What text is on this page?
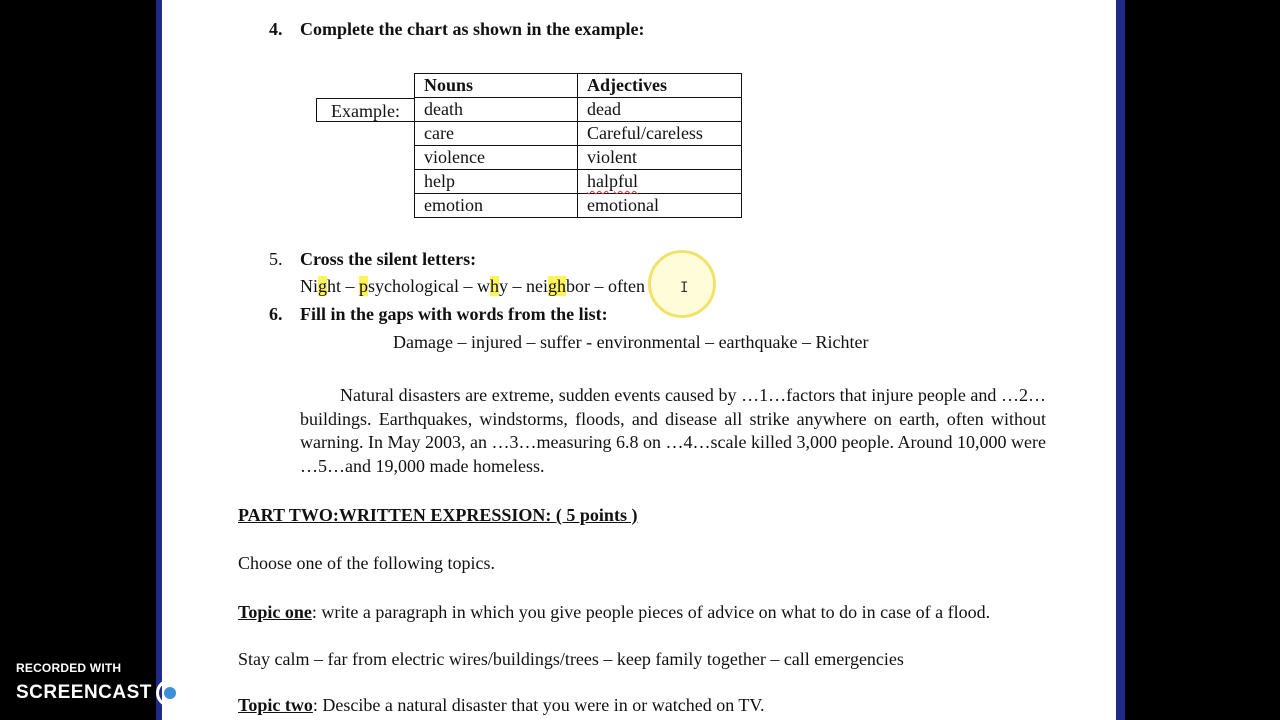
4. Complete the chart as shown in the example:
Example:
Nouns	Adjectives
death	dead
care	Careful/careless
violence	violent
help	halpful
emotion	emotional
5. Cross the silent letters:
Night – psychological – why – neighbor – often	I
6. Fill in the gaps with words from the list:
Damage – injured – suffer - environmental – earthquake – Richter

Natural disasters are extreme, sudden events caused by …1…factors that injure people and …2…buildings. Earthquakes, windstorms, floods, and disease all strike anywhere on earth, often without warning. In May 2003, an …3…measuring 6.8 on …4…scale killed 3,000 people. Around 10,000 were …5…and 19,000 made homeless.

PART TWO:WRITTEN EXPRESSION: ( 5 points )
Choose one of the following topics.
Topic one: write a paragraph in which you give people pieces of advice on what to do in case of a flood.
Stay calm – far from electric wires/buildings/trees – keep family together – call emergencies
Topic two: Descibe a natural disaster that you were in or watched on TV.
RECORDED WITH
SCREENCAST MATIC
